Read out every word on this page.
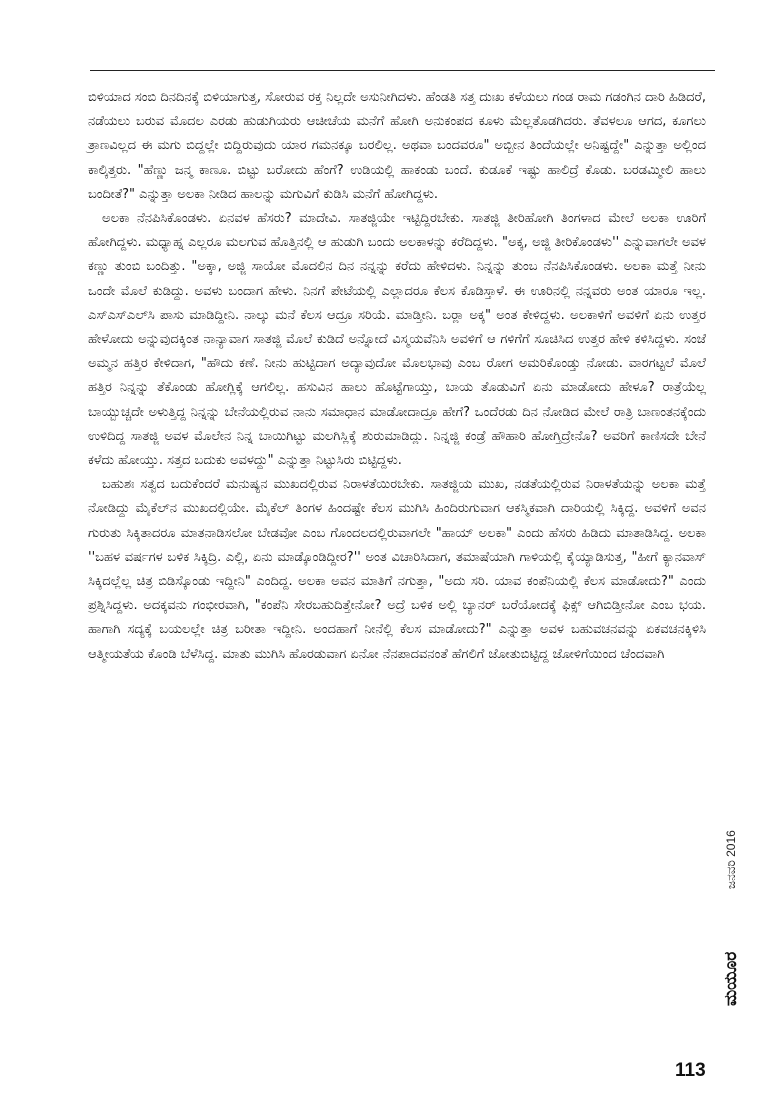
ಬಿಳಿಯಾದ ಸಂಬಿ ದಿನದಿನಕ್ಕೆ ಬಿಳಿಯಾಗುತ್ತ, ಸೋರುವ ರಕ್ತ ನಿಲ್ಲದೇ ಅಸುನೀಗಿದಳು. ಹೆಂಡತಿ ಸತ್ತ ದುಃಖ ಕಳೆಯಲು ಗಂಡ ರಾಮ ಗಡಂಗಿನ ದಾರಿ ಹಿಡಿದರೆ, ನಡೆಯಲು ಬರುವ ಮೊದಲ ಎರಡು ಹುಡುಗಿಯರು ಆಚೀಚೆಯ ಮನೆಗೆ ಹೋಗಿ ಅನುಕಂಪದ ಕೂಳು ಮೆಲ್ಲತೊಡಗಿದರು. ತೆವಳಲೂ ಆಗದ, ಕೂಗಲು ತ್ರಾಣವಿಲ್ಲದ ಈ ಮಗು ಬಿದ್ದಲ್ಲೇ ಬಿದ್ದಿರುವುದು ಯಾರ ಗಮನಕ್ಕೂ ಬರಲಿಲ್ಲ. ಅಥವಾ ಬಂದವರೂ" ಅಬ್ಬೀನ ತಿಂದೆಯಲ್ಲೇ ಅನಿಷ್ಟದ್ದೇ" ಎನ್ನುತ್ತಾ ಅಲ್ಲಿಂದ ಕಾಲ್ಕಿತ್ತರು. "ಹೆಣ್ಣು ಜನ್ಮ ಕಾಣೂ. ಬಿಟ್ಟು ಬರೋದು ಹೆಂಗೆ? ಉಡಿಯಲ್ಲಿ ಹಾಕಂಡು ಬಂದೆ. ಕುಡೂಕೆ ಇಷ್ಟು ಹಾಲಿದ್ರೆ ಕೊಡು. ಬರಡಮ್ಮೀಲಿ ಹಾಲು ಬಂದೀತೆ?" ಎನ್ನುತ್ತಾ ಅಲಕಾ ನೀಡಿದ ಹಾಲನ್ನು ಮಗುವಿಗೆ ಕುಡಿಸಿ ಮನೆಗೆ ಹೋಗಿದ್ದಳು.

ಅಲಕಾ ನೆನಪಿಸಿಕೊಂಡಳು. ಏನವಳ ಹೆಸರು? ಮಾದೇವಿ. ಸಾತಜ್ಜಿಯೇ ಇಟ್ಟಿದ್ದಿರಬೇಕು. ಸಾತಜ್ಜಿ ತೀರಿಹೋಗಿ ತಿಂಗಳಾದ ಮೇಲೆ ಅಲಕಾ ಊರಿಗೆ ಹೋಗಿದ್ದಳು. ಮಧ್ಯಾಹ್ನ ಎಲ್ಲರೂ ಮಲಗುವ ಹೊತ್ತಿನಲ್ಲಿ ಆ ಹುಡುಗಿ ಬಂದು ಅಲಕಾಳನ್ನು ಕರೆದಿದ್ದಳು. "ಅಕ್ಕ, ಅಜ್ಜಿ ತೀರಿಕೊಂಡಳು'' ಎನ್ನುವಾಗಲೇ ಅವಳ ಕಣ್ಣು ತುಂಬಿ ಬಂದಿತ್ತು. "ಅಕ್ಕಾ, ಅಜ್ಜಿ ಸಾಯೋ ಮೊದಲಿನ ದಿನ ನನ್ನನ್ನು ಕರೆದು ಹೇಳಿದಳು. ನಿನ್ನನ್ನು ತುಂಬ ನೆನಪಿಸಿಕೊಂಡಳು. ಅಲಕಾ ಮತ್ತೆ ನೀನು ಒಂದೇ ಮೊಲೆ ಕುಡಿದ್ದು. ಅವಳು ಬಂದಾಗ ಹೇಳು. ನಿನಗೆ ಪೇಟೆಯಲ್ಲಿ ಎಲ್ಲಾದರೂ ಕೆಲಸ ಕೊಡಿಸ್ತಾಳೆ. ಈ ಊರಿನಲ್ಲಿ ನನ್ನವರು ಅಂತ ಯಾರೂ ಇಲ್ಲ. ಎಸ್‌ಎಸ್‌ಎಲ್‌ಸಿ ಪಾಸು ಮಾಡಿದ್ದೀನಿ. ನಾಲ್ಕು ಮನೆ ಕೆಲಸ ಆದ್ರೂ ಸರಿಯೆ. ಮಾಡ್ತೀನಿ. ಬರ್‍ಲಾ ಅಕ್ಕ" ಅಂತ ಕೇಳಿದ್ದಳು. ಅಲಕಾಳಿಗೆ ಅವಳಿಗೆ ಏನು ಉತ್ತರ ಹೇಳೋದು ಅನ್ನುವುದಕ್ಕಿಂತ ನಾನ್ಯಾವಾಗ ಸಾತಜ್ಜಿ ಮೊಲೆ ಕುಡಿದೆ ಅನ್ನೋದೆ ವಿಸ್ಮಯವೆನಿಸಿ ಅವಳಿಗೆ ಆ ಗಳಿಗೆಗೆ ಸೂಚಿಸಿದ ಉತ್ತರ ಹೇಳಿ ಕಳಿಸಿದ್ದಳು. ಸಂಜೆ ಅಮ್ಮನ ಹತ್ತಿರ ಕೇಳಿದಾಗ, "ಹೌದು ಕಣೆ. ನೀನು ಹುಟ್ಟಿದಾಗ ಅದ್ಯಾವುದೋ ಮೊಲಭಾವು ಎಂಬ ರೋಗ ಅಮರಿಕೊಂಡ್ತು ನೋಡು. ವಾರಗಟ್ಟಲೆ ಮೊಲೆ ಹತ್ತಿರ ನಿನ್ನನ್ನು ತೆಕೊಂಡು ಹೋಗ್ಲಿಕ್ಕೆ ಆಗಲಿಲ್ಲ. ಹಸುವಿನ ಹಾಲು ಹೊಟ್ಟೆಗಾಯ್ತು, ಬಾಯ ತೊಡುವಿಗೆ ಏನು ಮಾಡೋದು ಹೇಳೂ? ರಾತ್ರೆಯೆಲ್ಲ ಬಾಯ್ಬುಚ್ಚದೇ ಅಳುತ್ತಿದ್ದ ನಿನ್ನನ್ನು ಬೇನೆಯಲ್ಲಿರುವ ನಾನು ಸಮಾಧಾನ ಮಾಡೋದಾದ್ರೂ ಹೇಗೆ? ಒಂದೆರಡು ದಿನ ನೋಡಿದ ಮೇಲೆ ರಾತ್ರಿ ಬಾಣಂತನಕ್ಕೆಂದು ಉಳಿದಿದ್ದ ಸಾತಜ್ಜಿ ಅವಳ ಮೊಲೇನ ನಿನ್ನ ಬಾಯಿಗಿಟ್ಟು ಮಲಗಿಸ್ಲಿಕ್ಕೆ ಶುರುಮಾಡಿದ್ಲು. ನಿನ್ನಜ್ಜಿ ಕಂಡ್ರೆ ಹೌಹಾರಿ ಹೋಗ್ತಿದ್ರೇನೊ? ಅವರಿಗೆ ಕಾಣಿಸದೇ ಬೇನೆ ಕಳೆದು ಹೋಯ್ತು. ಸತ್ತದ ಬದುಕು ಅವಳದ್ದು" ಎನ್ನುತ್ತಾ ನಿಟ್ಟುಸಿರು ಬಿಟ್ಟಿದ್ದಳು.

ಬಹುಶಃ ಸತ್ವದ ಬದುಕೆಂದರೆ ಮನುಷ್ಯನ ಮುಖದಲ್ಲಿರುವ ನಿರಾಳತೆಯಿರಬೇಕು. ಸಾತಜ್ಜಿಯ ಮುಖ, ನಡತೆಯಲ್ಲಿರುವ ನಿರಾಳತೆಯನ್ನು ಅಲಕಾ ಮತ್ತೆ ನೋಡಿದ್ದು ಮೈಕೆಲ್‌ನ ಮುಖದಲ್ಲಿಯೇ. ಮೈಕೆಲ್ ತಿಂಗಳ ಹಿಂದಷ್ಟೇ ಕೆಲಸ ಮುಗಿಸಿ ಹಿಂದಿರುಗುವಾಗ ಆಕಸ್ಮಿಕವಾಗಿ ದಾರಿಯಲ್ಲಿ ಸಿಕ್ಕಿದ್ದ. ಅವಳಿಗೆ ಅವನ ಗುರುತು ಸಿಕ್ಕಿತಾದರೂ ಮಾತನಾಡಿಸಲೋ ಬೇಡವೋ ಎಂಬ ಗೊಂದಲದಲ್ಲಿರುವಾಗಲೇ "ಹಾಯ್ ಅಲಕಾ" ಎಂದು ಹೆಸರು ಹಿಡಿದು ಮಾತಾಡಿಸಿದ್ದ. ಅಲಕಾ ''ಬಹಳ ವರ್ಷಗಳ ಬಳಿಕ ಸಿಕ್ಕಿದ್ರಿ. ಎಲ್ಲಿ, ಏನು ಮಾಡ್ಕೊಂಡಿದ್ದೀರ?'' ಅಂತ ವಿಚಾರಿಸಿದಾಗ, ತಮಾಷೆಯಾಗಿ ಗಾಳಿಯಲ್ಲಿ ಕೈಯ್ಯಾಡಿಸುತ್ತ, "ಹೀಗೆ ಕ್ಯಾನವಾಸ್ ಸಿಕ್ಕಿದಲ್ಲೆಲ್ಲ ಚಿತ್ರ ಬಿಡಿಸ್ಕೊಂಡು ಇದ್ದೀನಿ" ಎಂದಿದ್ದ. ಅಲಕಾ ಅವನ ಮಾತಿಗೆ ನಗುತ್ತಾ, "ಅದು ಸರಿ. ಯಾವ ಕಂಪೆನಿಯಲ್ಲಿ ಕೆಲಸ ಮಾಡೋದು?" ಎಂದು ಪ್ರಶ್ನಿಸಿದ್ದಳು. ಅದಕ್ಕವನು ಗಂಭೀರವಾಗಿ, "ಕಂಪೆನಿ ಸೇರಬಹುದಿತ್ತೇನೋ? ಅದ್ರೆ ಬಳಿಕ ಅಲ್ಲಿ ಬ್ಯಾನರ್ ಬರೆಯೋದಕ್ಕೆ ಫಿಕ್ಸ್ ಆಗಿಬಿಡ್ತೀನೋ ಎಂಬ ಭಯ. ಹಾಗಾಗಿ ಸದ್ಯಕ್ಕೆ ಬಯಲಲ್ಲೇ ಚಿತ್ರ ಬರೀತಾ ಇದ್ದೀನಿ. ಅಂದಹಾಗೆ ನೀನೆಲ್ಲಿ ಕೆಲಸ ಮಾಡೋದು?" ಎನ್ನುತ್ತಾ ಅವಳ ಬಹುವಚನವನ್ನು ಏಕವಚನಕ್ಕಿಳಿಸಿ ಆತ್ಮೀಯತೆಯ ಕೊಂಡಿ ಬೆಳೆಸಿದ್ದ. ಮಾತು ಮುಗಿಸಿ ಹೊರಡುವಾಗ ಏನೋ ನೆನಪಾದವನಂತೆ ಹೆಗಲಿಗೆ ಜೋತುಬಿಟ್ಟಿದ್ದ ಜೋಳಿಗೆಯಿಂದ ಚೆಂದವಾಗಿ

ಜನವರಿ 2016
ಮಯೂರ
113
